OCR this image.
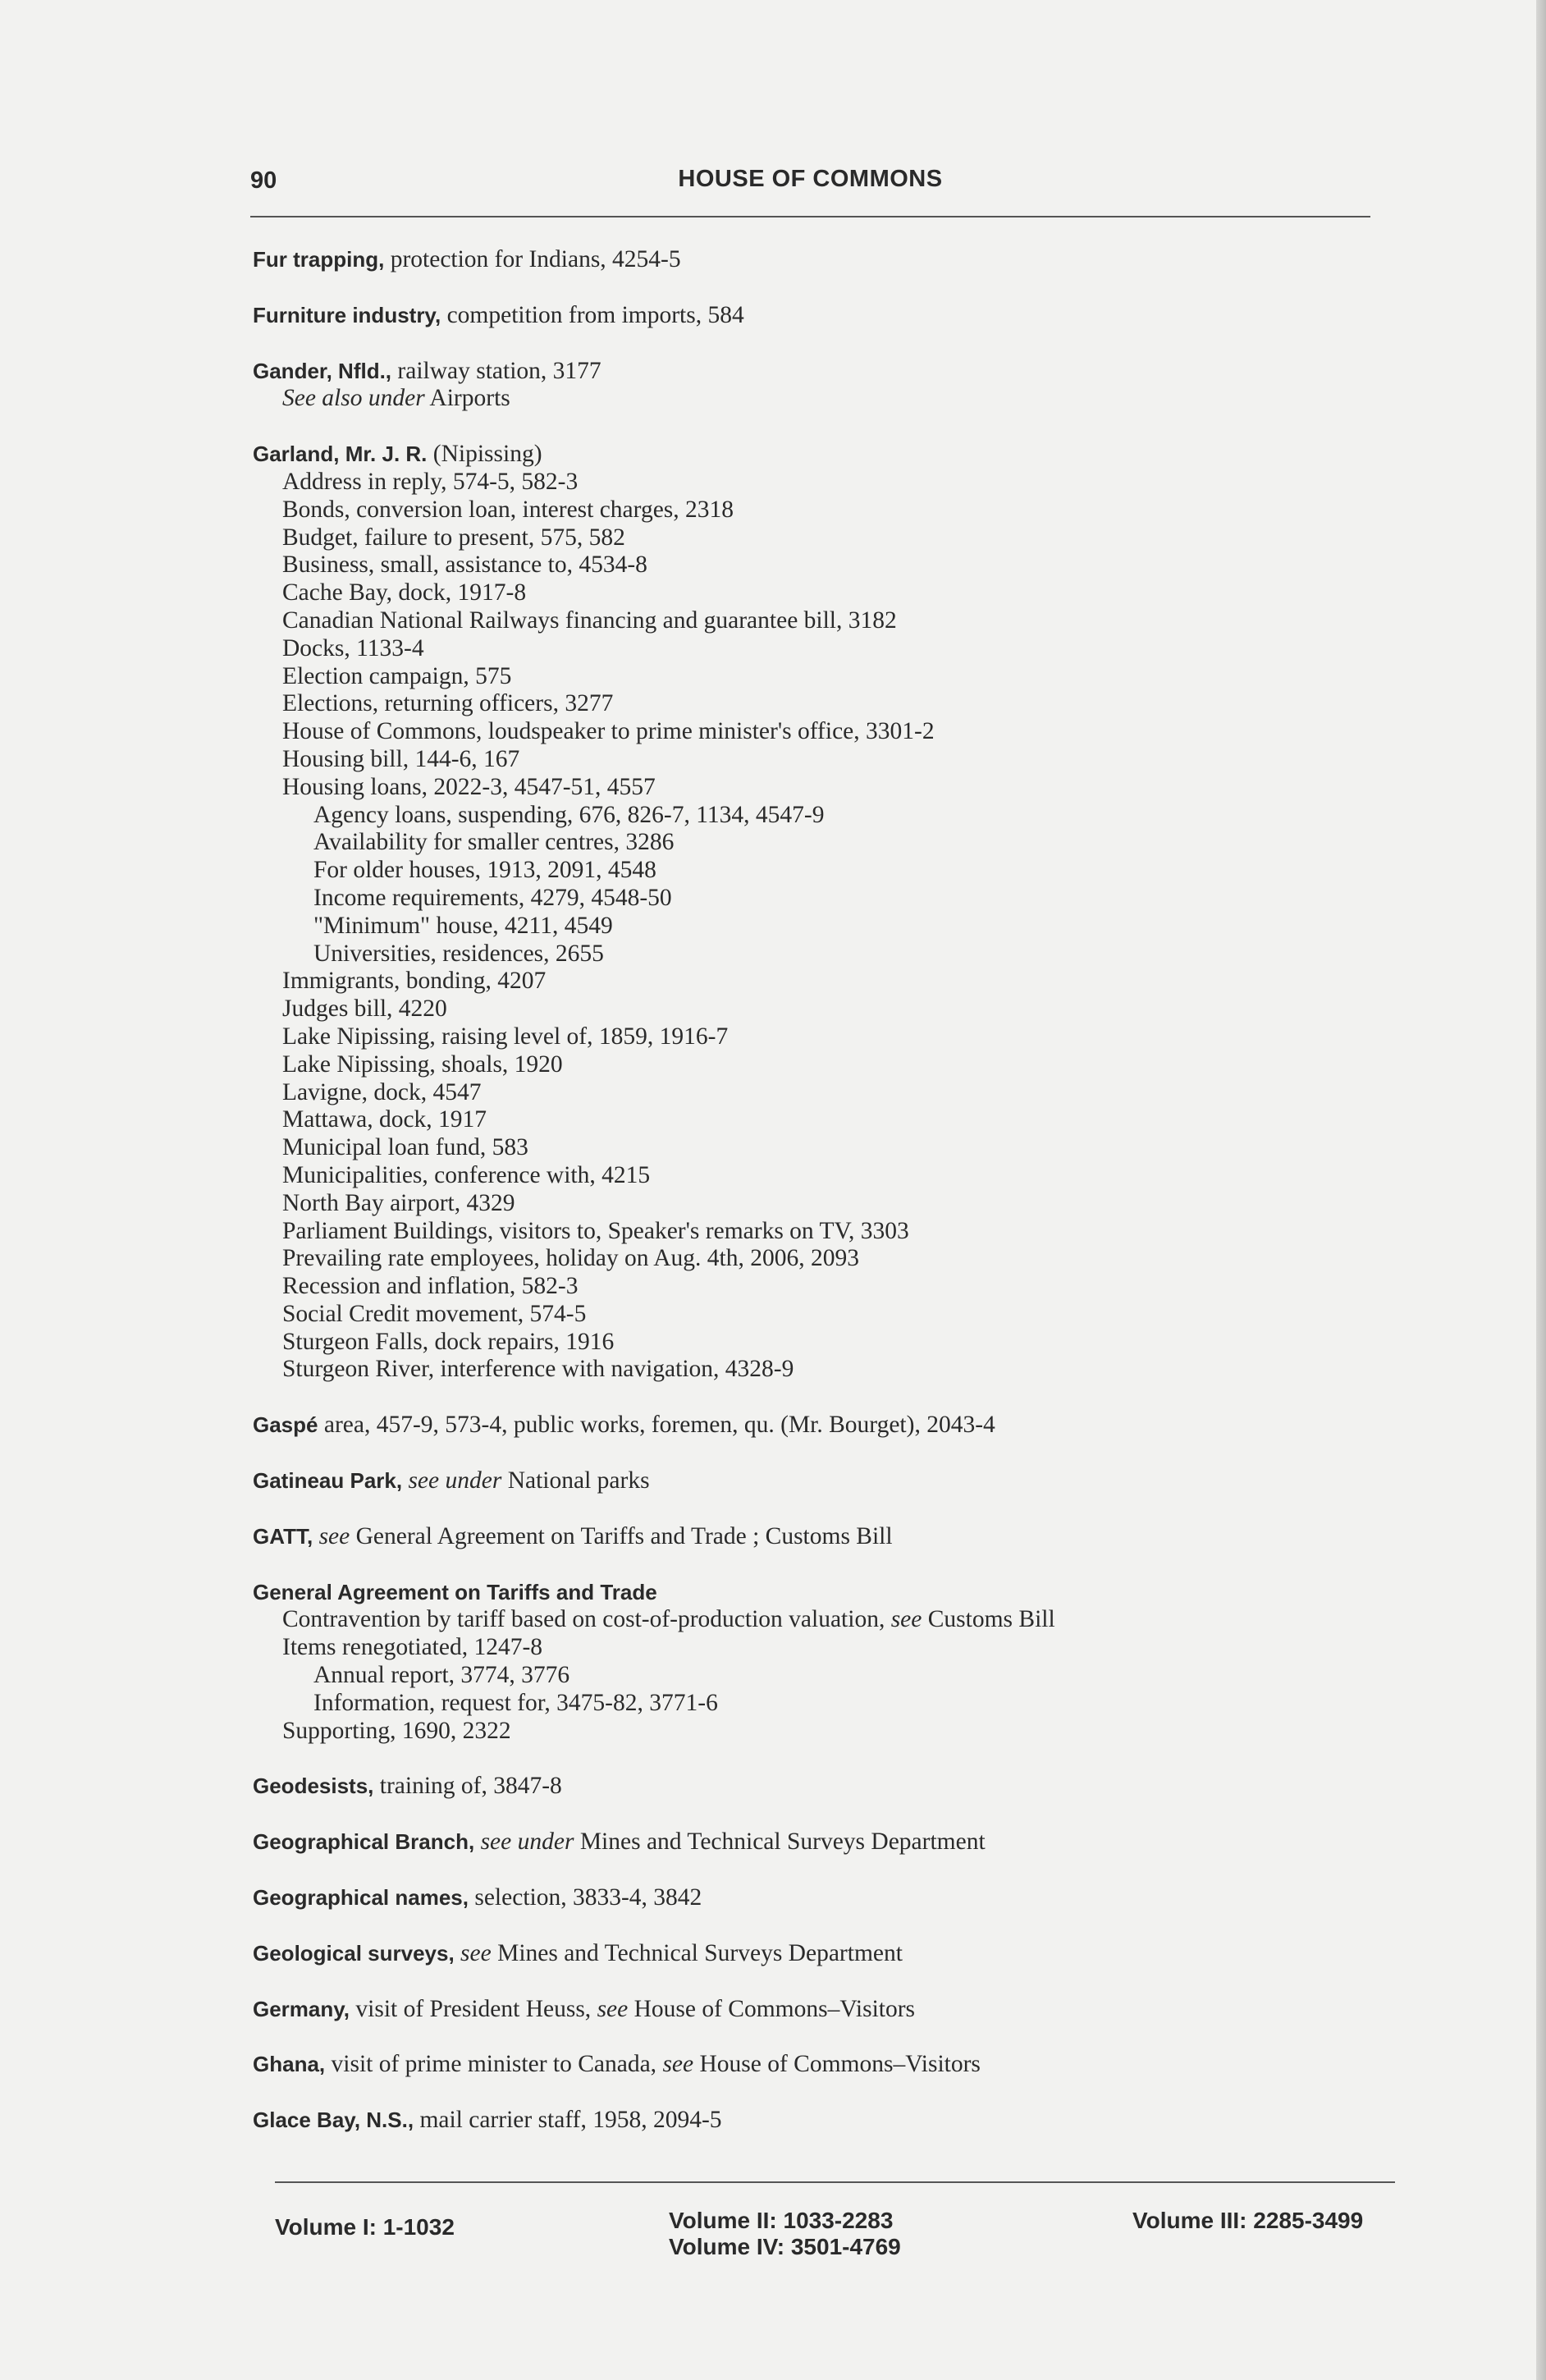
90	HOUSE OF COMMONS
Fur trapping, protection for Indians, 4254-5
Furniture industry, competition from imports, 584
Gander, Nfld., railway station, 3177
See also under Airports
Garland, Mr. J. R. (Nipissing)
Address in reply, 574-5, 582-3
Bonds, conversion loan, interest charges, 2318
Budget, failure to present, 575, 582
Business, small, assistance to, 4534-8
Cache Bay, dock, 1917-8
Canadian National Railways financing and guarantee bill, 3182
Docks, 1133-4
Election campaign, 575
Elections, returning officers, 3277
House of Commons, loudspeaker to prime minister's office, 3301-2
Housing bill, 144-6, 167
Housing loans, 2022-3, 4547-51, 4557
Agency loans, suspending, 676, 826-7, 1134, 4547-9
Availability for smaller centres, 3286
For older houses, 1913, 2091, 4548
Income requirements, 4279, 4548-50
"Minimum" house, 4211, 4549
Universities, residences, 2655
Immigrants, bonding, 4207
Judges bill, 4220
Lake Nipissing, raising level of, 1859, 1916-7
Lake Nipissing, shoals, 1920
Lavigne, dock, 4547
Mattawa, dock, 1917
Municipal loan fund, 583
Municipalities, conference with, 4215
North Bay airport, 4329
Parliament Buildings, visitors to, Speaker's remarks on TV, 3303
Prevailing rate employees, holiday on Aug. 4th, 2006, 2093
Recession and inflation, 582-3
Social Credit movement, 574-5
Sturgeon Falls, dock repairs, 1916
Sturgeon River, interference with navigation, 4328-9
Gaspé area, 457-9, 573-4, public works, foremen, qu. (Mr. Bourget), 2043-4
Gatineau Park, see under National parks
GATT, see General Agreement on Tariffs and Trade ; Customs Bill
General Agreement on Tariffs and Trade
Contravention by tariff based on cost-of-production valuation, see Customs Bill
Items renegotiated, 1247-8
Annual report, 3774, 3776
Information, request for, 3475-82, 3771-6
Supporting, 1690, 2322
Geodesists, training of, 3847-8
Geographical Branch, see under Mines and Technical Surveys Department
Geographical names, selection, 3833-4, 3842
Geological surveys, see Mines and Technical Surveys Department
Germany, visit of President Heuss, see House of Commons–Visitors
Ghana, visit of prime minister to Canada, see House of Commons–Visitors
Glace Bay, N.S., mail carrier staff, 1958, 2094-5
Volume I: 1-1032	Volume II: 1033-2283
Volume IV: 3501-4769
Volume III: 2285-3499
